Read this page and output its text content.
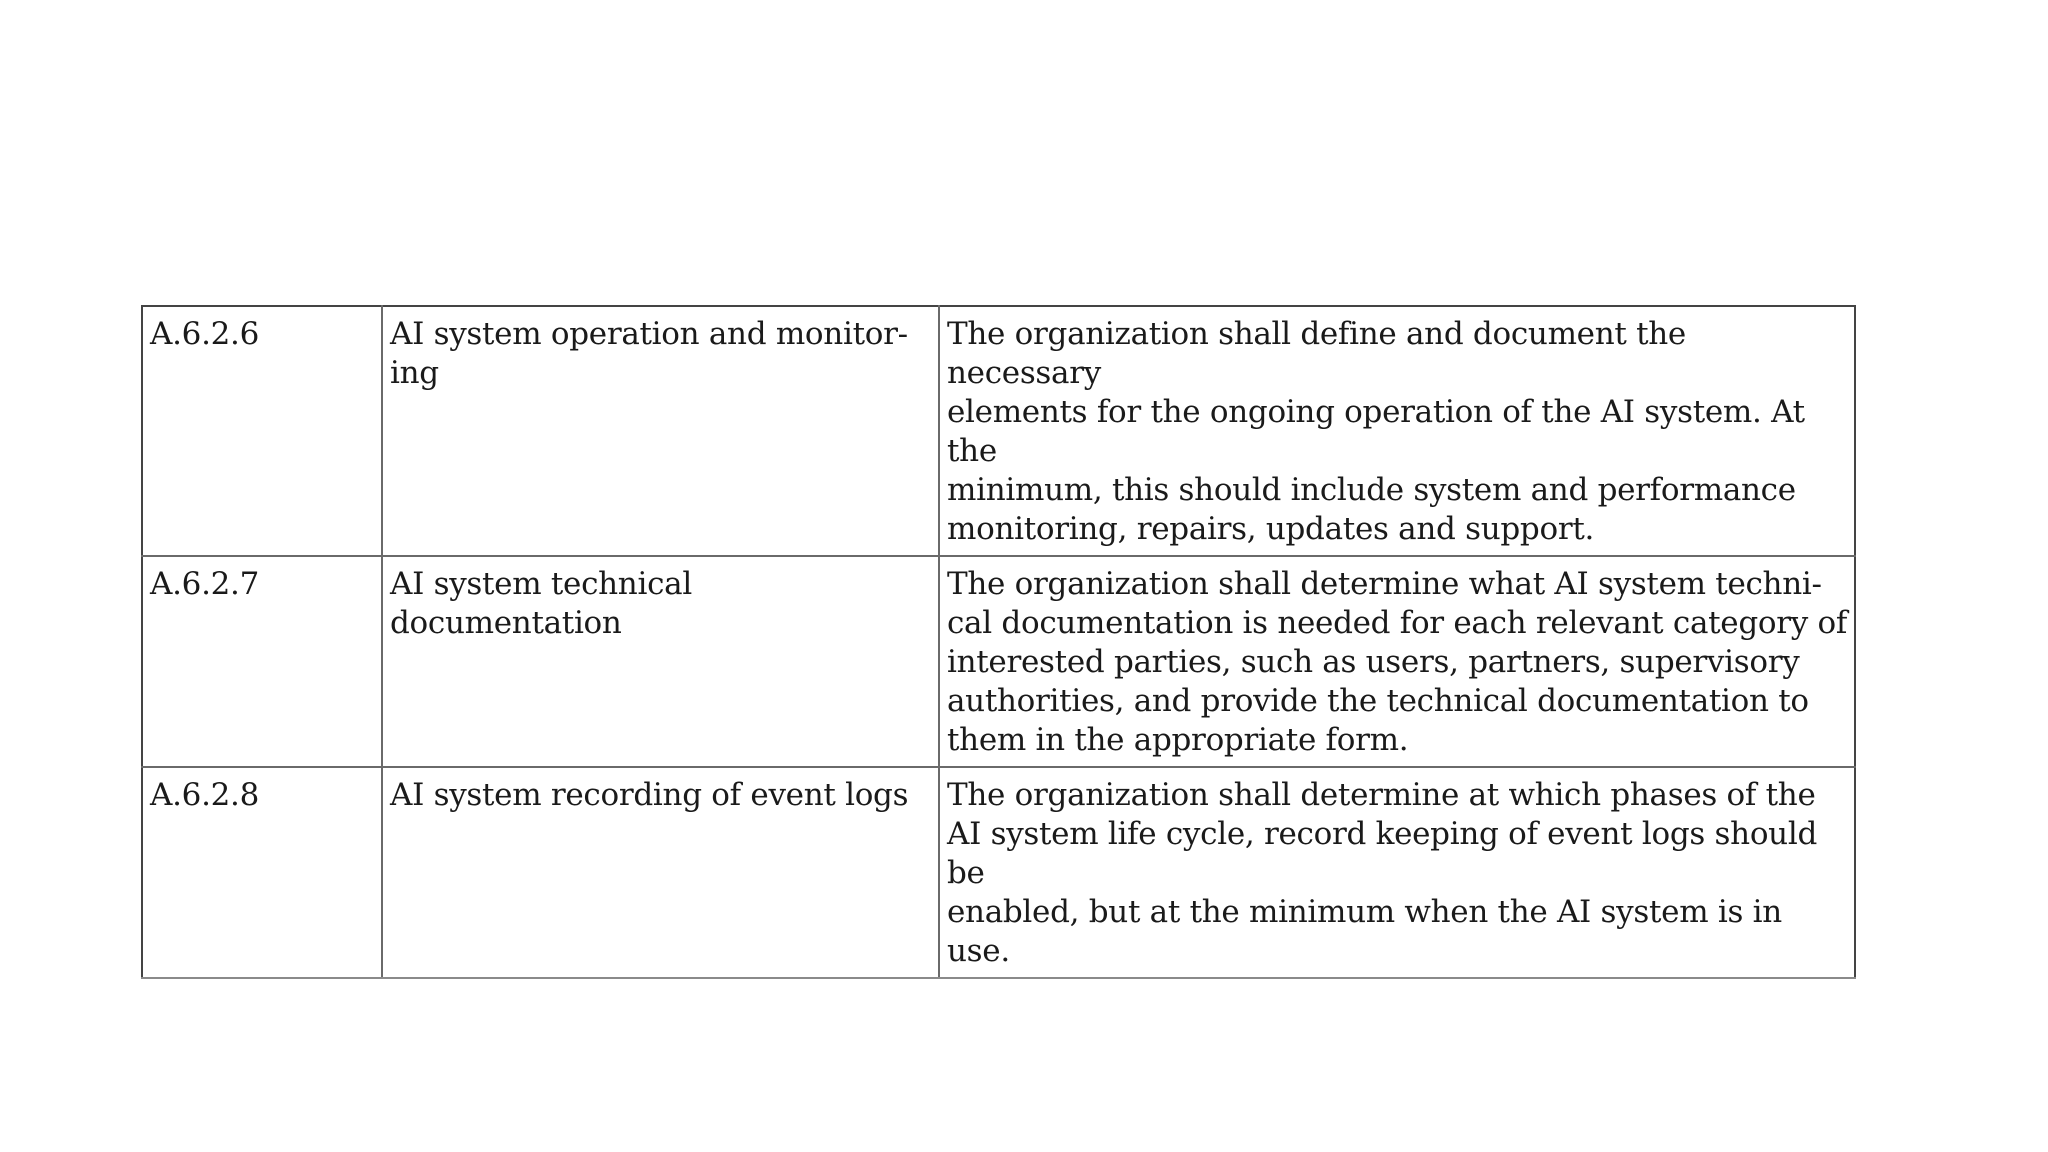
A.6.2.6	AI system operation and monitor-
ing	The organization shall define and document the necessary
elements for the ongoing operation of the AI system. At the
minimum, this should include system and performance
monitoring, repairs, updates and support.
A.6.2.7	AI system technical documentation	The organization shall determine what AI system techni-
cal documentation is needed for each relevant category of
interested parties, such as users, partners, supervisory
authorities, and provide the technical documentation to
them in the appropriate form.
A.6.2.8	AI system recording of event logs	The organization shall determine at which phases of the
AI system life cycle, record keeping of event logs should be
enabled, but at the minimum when the AI system is in use.
